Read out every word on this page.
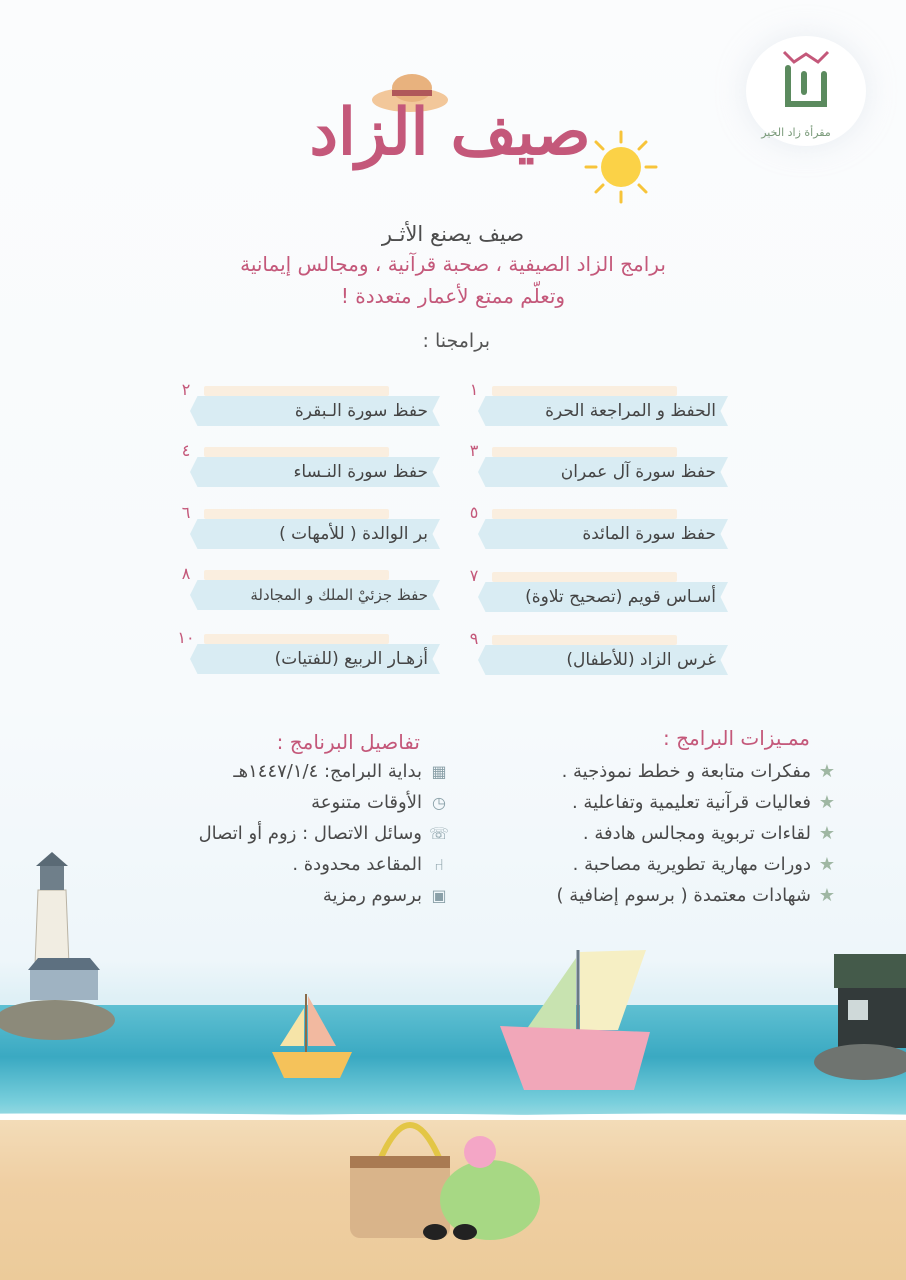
مقرأة زاد الخير
صيف الزاد
صيف يصنع الأثـر
برامج الزاد الصيفية ، صحبة قرآنية ، ومجالس إيمانية
وتعلّم ممتع لأعمار متعددة !
برامجنا :
الحفظ و المراجعة الحرة
١
حفظ سورة الـبقرة
٢
حفظ سورة آل عمران
٣
حفظ سورة النـساء
٤
حفظ سورة المائدة
٥
بر الوالدة ( للأمهات )
٦
أسـاس قويم (تصحيح تلاوة)
٧
حفظ جزئيْ الملك و المجادلة
٨
غرس الزاد (للأطفال)
٩
أزهـار الربيع (للفتيات)
١٠
ممـيزات البرامج :
★مفكرات متابعة و خطط نموذجية .
★فعاليات قرآنية تعليمية وتفاعلية .
★لقاءات تربوية ومجالس هادفة .
★دورات مهارية تطويرية مصاحبة .
★شهادات معتمدة ( برسوم إضافية )
تفاصيل البرنامج :
▦بداية البرامج: ١٤٤٧/١/٤هـ
◷الأوقات متنوعة
☏وسائل الاتصال : زوم أو اتصال
⑁المقاعد محدودة .
▣برسوم رمزية
